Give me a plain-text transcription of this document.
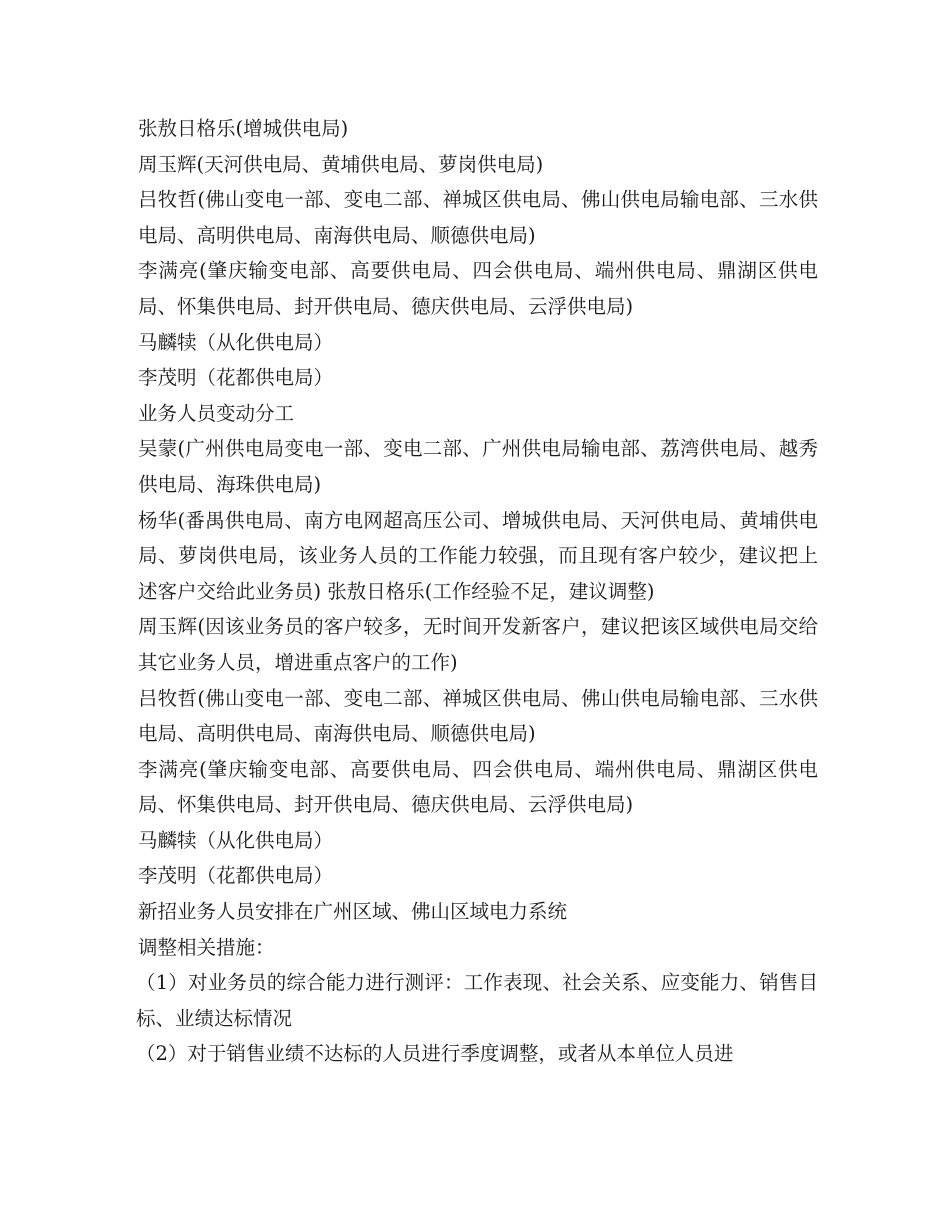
张敖日格乐(增城供电局)

周玉辉(天河供电局、黄埔供电局、萝岗供电局)

吕牧哲(佛山变电一部、变电二部、禅城区供电局、佛山供电局输电部、三水供电局、高明供电局、南海供电局、顺德供电局)

李满亮(肇庆输变电部、高要供电局、四会供电局、端州供电局、鼎湖区供电局、怀集供电局、封开供电局、德庆供电局、云浮供电局)

马麟犊（从化供电局）

李茂明（花都供电局）

业务人员变动分工

吴蒙(广州供电局变电一部、变电二部、广州供电局输电部、荔湾供电局、越秀供电局、海珠供电局)

杨华(番禺供电局、南方电网超高压公司、增城供电局、天河供电局、黄埔供电局、萝岗供电局，该业务人员的工作能力较强，而且现有客户较少，建议把上述客户交给此业务员) 张敖日格乐(工作经验不足，建议调整)

周玉辉(因该业务员的客户较多，无时间开发新客户，建议把该区域供电局交给其它业务人员，增进重点客户的工作)

吕牧哲(佛山变电一部、变电二部、禅城区供电局、佛山供电局输电部、三水供电局、高明供电局、南海供电局、顺德供电局)

李满亮(肇庆输变电部、高要供电局、四会供电局、端州供电局、鼎湖区供电局、怀集供电局、封开供电局、德庆供电局、云浮供电局)

马麟犊（从化供电局）

李茂明（花都供电局）

新招业务人员安排在广州区域、佛山区域电力系统

调整相关措施：

（1）对业务员的综合能力进行测评：工作表现、社会关系、应变能力、销售目标、业绩达标情况

（2）对于销售业绩不达标的人员进行季度调整，或者从本单位人员进
